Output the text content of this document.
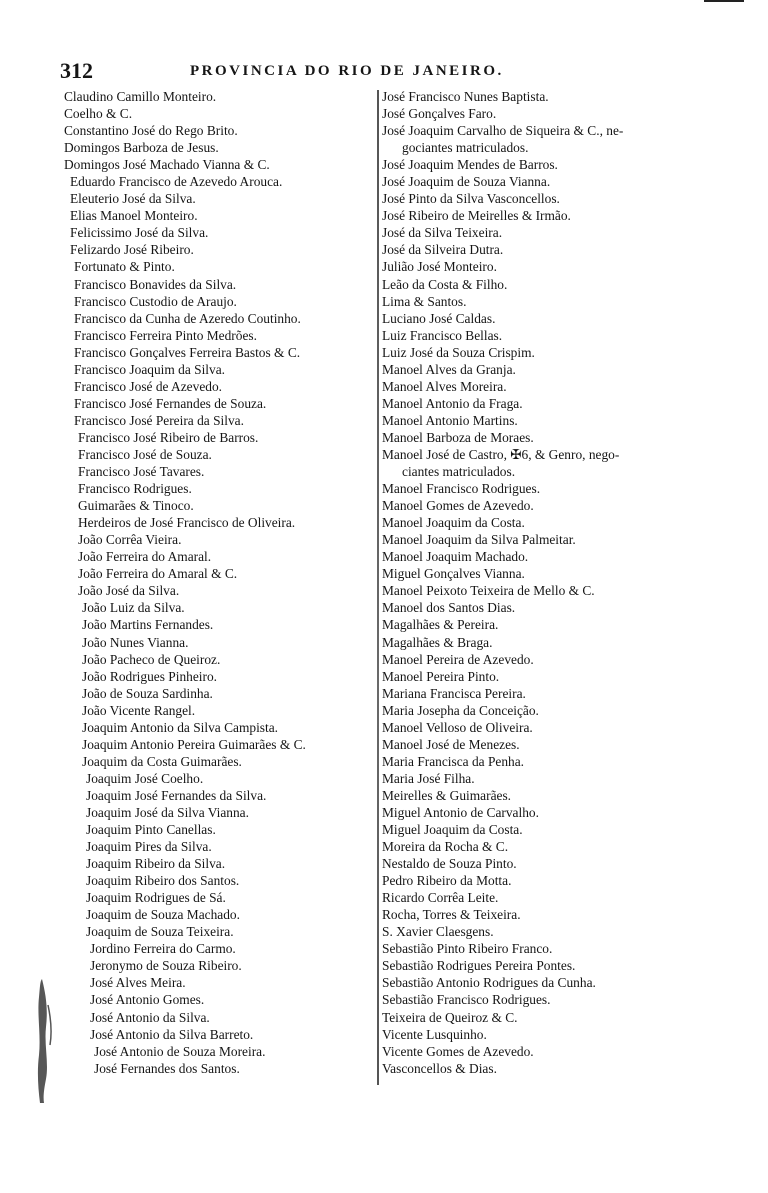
312	PROVINCIA DO RIO DE JANEIRO.
Claudino Camillo Monteiro.
Coelho & C.
Constantino José do Rego Brito.
Domingos Barboza de Jesus.
Domingos José Machado Vianna & C.
Eduardo Francisco de Azevedo Arouca.
Eleuterio José da Silva.
Elias Manoel Monteiro.
Felicissimo José da Silva.
Felizardo José Ribeiro.
Fortunato & Pinto.
Francisco Bonavides da Silva.
Francisco Custodio de Araujo.
Francisco da Cunha de Azeredo Coutinho.
Francisco Ferreira Pinto Medrões.
Francisco Gonçalves Ferreira Bastos & C.
Francisco Joaquim da Silva.
Francisco José de Azevedo.
Francisco José Fernandes de Souza.
Francisco José Pereira da Silva.
Francisco José Ribeiro de Barros.
Francisco José de Souza.
Francisco José Tavares.
Francisco Rodrigues.
Guimarães & Tinoco.
Herdeiros de José Francisco de Oliveira.
João Corrêa Vieira.
João Ferreira do Amaral.
João Ferreira do Amaral & C.
João José da Silva.
João Luiz da Silva.
João Martins Fernandes.
João Nunes Vianna.
João Pacheco de Queiroz.
João Rodrigues Pinheiro.
João de Souza Sardinha.
João Vicente Rangel.
Joaquim Antonio da Silva Campista.
Joaquim Antonio Pereira Guimarães & C.
Joaquim da Costa Guimarães.
Joaquim José Coelho.
Joaquim José Fernandes da Silva.
Joaquim José da Silva Vianna.
Joaquim Pinto Canellas.
Joaquim Pires da Silva.
Joaquim Ribeiro da Silva.
Joaquim Ribeiro dos Santos.
Joaquim Rodrigues de Sá.
Joaquim de Souza Machado.
Joaquim de Souza Teixeira.
Jordino Ferreira do Carmo.
Jeronymo de Souza Ribeiro.
José Alves Meira.
José Antonio Gomes.
José Antonio da Silva.
José Antonio da Silva Barreto.
José Antonio de Souza Moreira.
José Fernandes dos Santos.
José Francisco Nunes Baptista.
José Gonçalves Faro.
José Joaquim Carvalho de Siqueira & C., ne-
gociantes matriculados.
José Joaquim Mendes de Barros.
José Joaquim de Souza Vianna.
José Pinto da Silva Vasconcellos.
José Ribeiro de Meirelles & Irmão.
José da Silva Teixeira.
José da Silveira Dutra.
Julião José Monteiro.
Leão da Costa & Filho.
Lima & Santos.
Luciano José Caldas.
Luiz Francisco Bellas.
Luiz José da Souza Crispim.
Manoel Alves da Granja.
Manoel Alves Moreira.
Manoel Antonio da Fraga.
Manoel Antonio Martins.
Manoel Barboza de Moraes.
Manoel José de Castro, ✠6, & Genro, nego-
ciantes matriculados.
Manoel Francisco Rodrigues.
Manoel Gomes de Azevedo.
Manoel Joaquim da Costa.
Manoel Joaquim da Silva Palmeitar.
Manoel Joaquim Machado.
Miguel Gonçalves Vianna.
Manoel Peixoto Teixeira de Mello & C.
Manoel dos Santos Dias.
Magalhães & Pereira.
Magalhães & Braga.
Manoel Pereira de Azevedo.
Manoel Pereira Pinto.
Mariana Francisca Pereira.
Maria Josepha da Conceição.
Manoel Velloso de Oliveira.
Manoel José de Menezes.
Maria Francisca da Penha.
Maria José Filha.
Meirelles & Guimarães.
Miguel Antonio de Carvalho.
Miguel Joaquim da Costa.
Moreira da Rocha & C.
Nestaldo de Souza Pinto.
Pedro Ribeiro da Motta.
Ricardo Corrêa Leite.
Rocha, Torres & Teixeira.
S. Xavier Claesgens.
Sebastião Pinto Ribeiro Franco.
Sebastião Rodrigues Pereira Pontes.
Sebastião Antonio Rodrigues da Cunha.
Sebastião Francisco Rodrigues.
Teixeira de Queiroz & C.
Vicente Lusquinho.
Vicente Gomes de Azevedo.
Vasconcellos & Dias.
